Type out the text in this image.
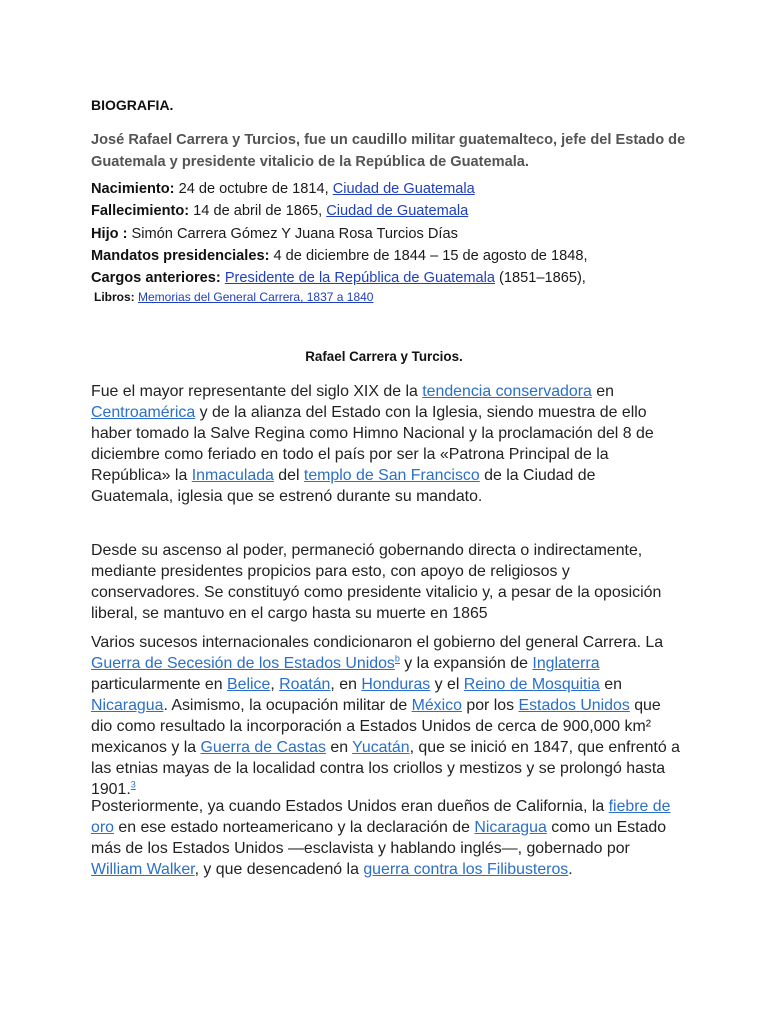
BIOGRAFIA.
José Rafael Carrera y Turcios, fue un caudillo militar guatemalteco, jefe del Estado de Guatemala y presidente vitalicio de la República de Guatemala.
Nacimiento: 24 de octubre de 1814, Ciudad de Guatemala
Fallecimiento: 14 de abril de 1865, Ciudad de Guatemala
Hijo : Simón Carrera Gómez Y Juana Rosa Turcios Días
Mandatos presidenciales: 4 de diciembre de 1844 – 15 de agosto de 1848,
Cargos anteriores: Presidente de la República de Guatemala (1851–1865),
Libros: Memorias del General Carrera, 1837 a 1840
Rafael Carrera y Turcios.

Fue el mayor representante del siglo XIX de la tendencia conservadora en Centroamérica y de la alianza del Estado con la Iglesia, siendo muestra de ello haber tomado la Salve Regina como Himno Nacional y la proclamación del 8 de diciembre como feriado en todo el país por ser la «Patrona Principal de la República» la Inmaculada del templo de San Francisco de la Ciudad de Guatemala, iglesia que se estrenó durante su mandato.

Desde su ascenso al poder, permaneció gobernando directa o indirectamente, mediante presidentes propicios para esto, con apoyo de religiosos y conservadores. Se constituyó como presidente vitalicio y, a pesar de la oposición liberal, se mantuvo en el cargo hasta su muerte en 1865

Varios sucesos internacionales condicionaron el gobierno del general Carrera. La Guerra de Secesión de los Estados Unidos$^b$ y la expansión de Inglaterra particularmente en Belice, Roatán, en Honduras y el Reino de Mosquitia en Nicaragua. Asimismo, la ocupación militar de México por los Estados Unidos que dio como resultado la incorporación a Estados Unidos de cerca de 900,000 km² mexicanos y la Guerra de Castas en Yucatán, que se inició en 1847, que enfrentó a las etnias mayas de la localidad contra los criollos y mestizos y se prolongó hasta 1901.$^3$

Posteriormente, ya cuando Estados Unidos eran dueños de California, la fiebre de oro en ese estado norteamericano y la declaración de Nicaragua como un Estado más de los Estados Unidos —esclavista y hablando inglés—, gobernado por William Walker, y que desencadenó la guerra contra los Filibusteros.
